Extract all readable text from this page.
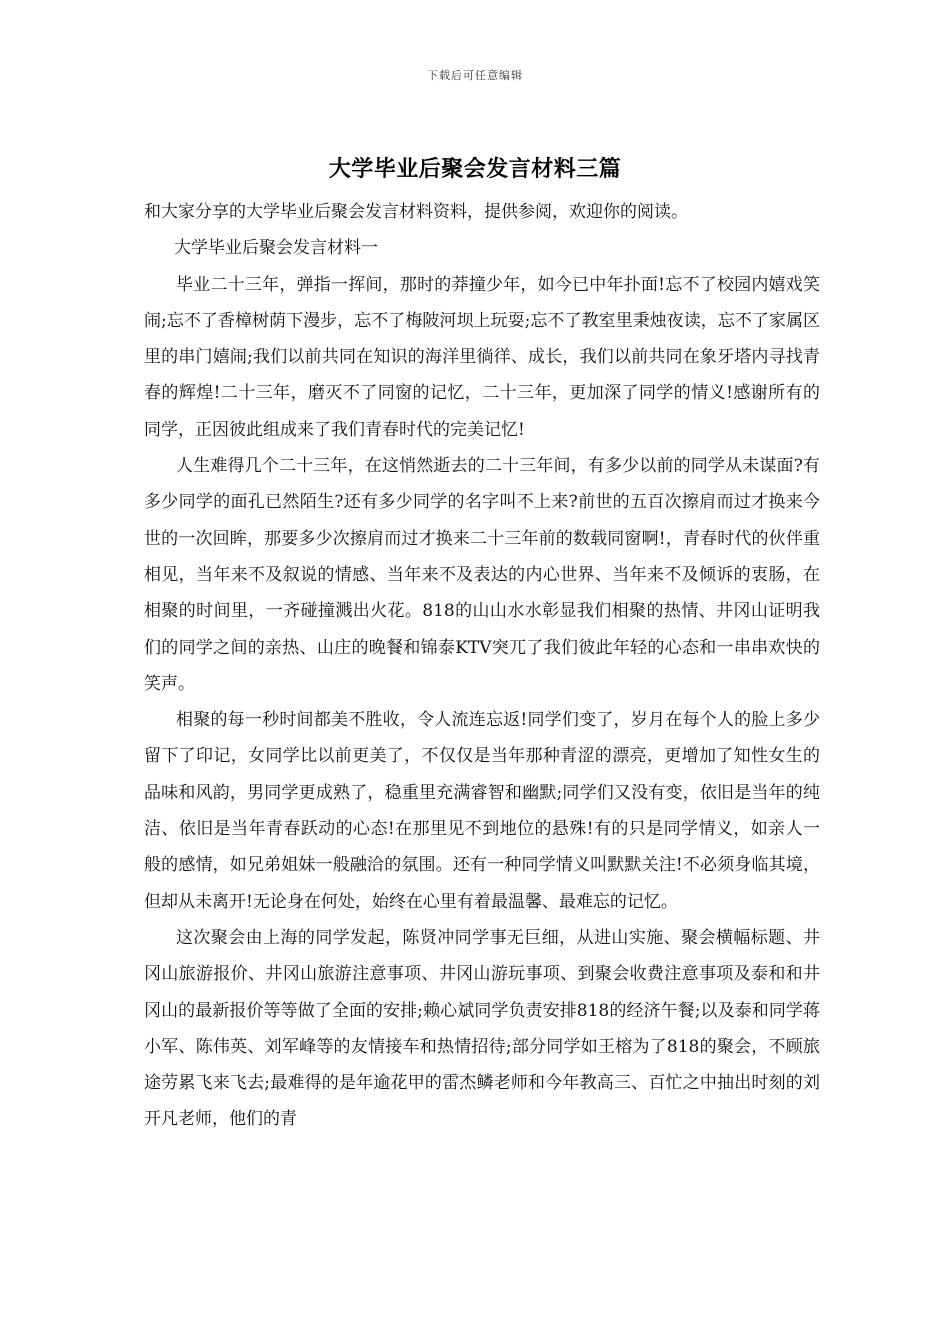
下载后可任意编辑
大学毕业后聚会发言材料三篇

和大家分享的大学毕业后聚会发言材料资料，提供参阅，欢迎你的阅读。

大学毕业后聚会发言材料一

毕业二十三年，弹指一挥间，那时的莽撞少年，如今已中年扑面!忘不了校园内嬉戏笑闹;忘不了香樟树荫下漫步，忘不了梅陂河坝上玩耍;忘不了教室里秉烛夜读，忘不了家属区里的串门嬉闹;我们以前共同在知识的海洋里徜徉、成长，我们以前共同在象牙塔内寻找青春的辉煌!二十三年，磨灭不了同窗的记忆，二十三年，更加深了同学的情义!感谢所有的同学，正因彼此组成来了我们青春时代的完美记忆!

人生难得几个二十三年，在这悄然逝去的二十三年间，有多少以前的同学从未谋面?有多少同学的面孔已然陌生?还有多少同学的名字叫不上来?前世的五百次擦肩而过才换来今世的一次回眸，那要多少次擦肩而过才换来二十三年前的数载同窗啊!，青春时代的伙伴重相见，当年来不及叙说的情感、当年来不及表达的内心世界、当年来不及倾诉的衷肠，在相聚的时间里，一齐碰撞溅出火花。818的山山水水彰显我们相聚的热情、井冈山证明我们的同学之间的亲热、山庄的晚餐和锦泰KTV突兀了我们彼此年轻的心态和一串串欢快的笑声。

相聚的每一秒时间都美不胜收，令人流连忘返!同学们变了，岁月在每个人的脸上多少留下了印记，女同学比以前更美了，不仅仅是当年那种青涩的漂亮，更增加了知性女生的品味和风韵，男同学更成熟了，稳重里充满睿智和幽默;同学们又没有变，依旧是当年的纯洁、依旧是当年青春跃动的心态!在那里见不到地位的悬殊!有的只是同学情义，如亲人一般的感情，如兄弟姐妹一般融洽的氛围。还有一种同学情义叫默默关注!不必须身临其境，但却从未离开!无论身在何处，始终在心里有着最温馨、最难忘的记忆。

这次聚会由上海的同学发起，陈贤冲同学事无巨细，从进山实施、聚会横幅标题、井冈山旅游报价、井冈山旅游注意事项、井冈山游玩事项、到聚会收费注意事项及泰和和井冈山的最新报价等等做了全面的安排;赖心斌同学负责安排818的经济午餐;以及泰和同学蒋小军、陈伟英、刘军峰等的友情接车和热情招待;部分同学如王榕为了818的聚会，不顾旅途劳累飞来飞去;最难得的是年逾花甲的雷杰鳞老师和今年教高三、百忙之中抽出时刻的刘开凡老师，他们的青
